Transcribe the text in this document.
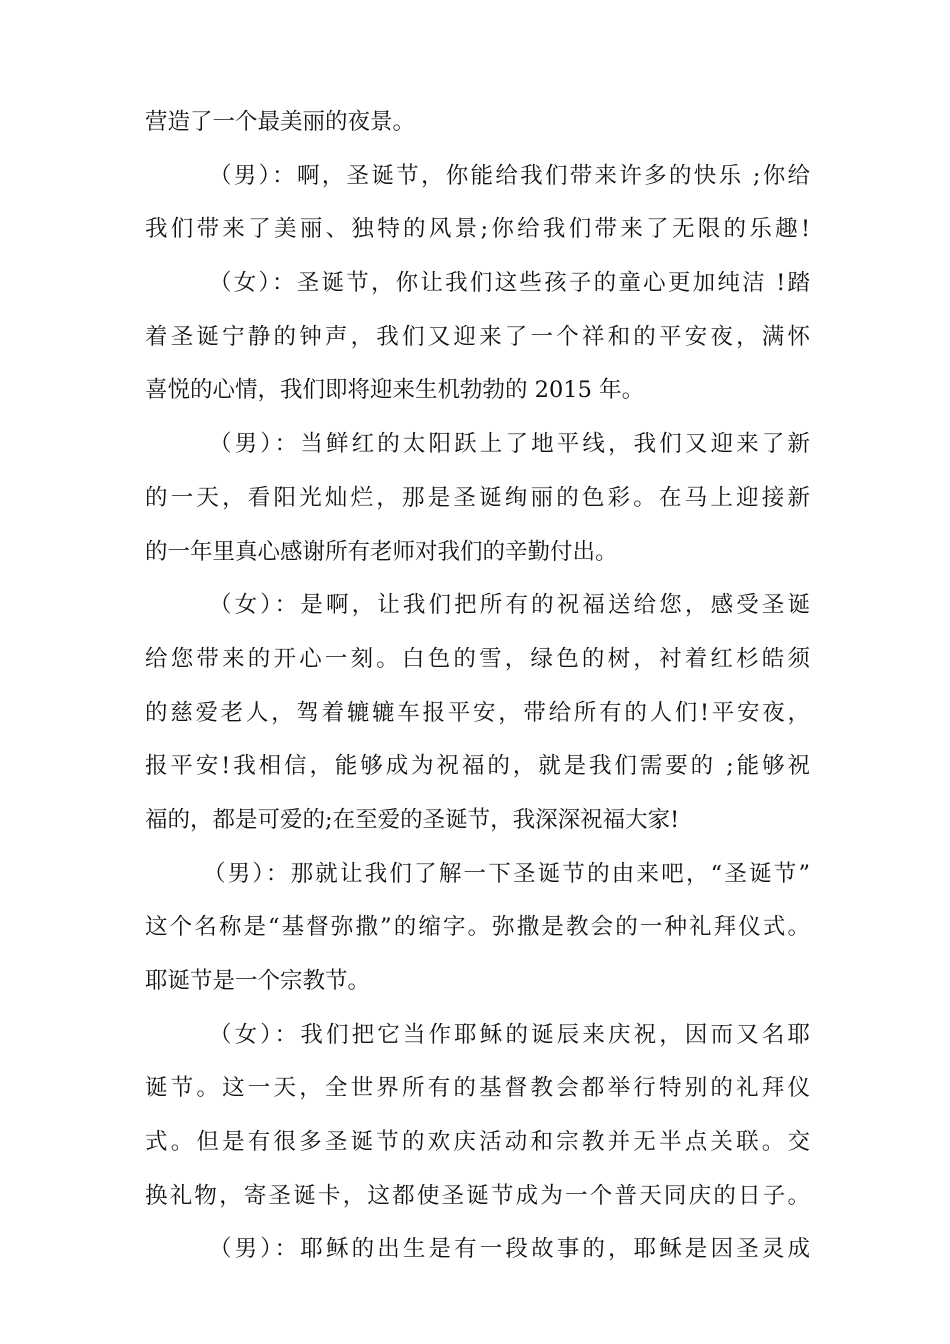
营造了一个最美丽的夜景。
（男）：啊，圣诞节，你能给我们带来许多的快乐 ;你给
我们带来了美丽、独特的风景;你给我们带来了无限的乐趣!
（女）：圣诞节，你让我们这些孩子的童心更加纯洁 !踏
着圣诞宁静的钟声，我们又迎来了一个祥和的平安夜，满怀
喜悦的心情，我们即将迎来生机勃勃的 2015 年。
（男）：当鲜红的太阳跃上了地平线，我们又迎来了新
的一天，看阳光灿烂，那是圣诞绚丽的色彩。在马上迎接新
的一年里真心感谢所有老师对我们的辛勤付出。
（女）：是啊，让我们把所有的祝福送给您，感受圣诞
给您带来的开心一刻。白色的雪，绿色的树，衬着红杉皓须
的慈爱老人，驾着辘辘车报平安，带给所有的人们!平安夜，
报平安!我相信，能够成为祝福的，就是我们需要的 ;能够祝
福的，都是可爱的;在至爱的圣诞节，我深深祝福大家!
（男）：那就让我们了解一下圣诞节的由来吧，“圣诞节”
这个名称是“基督弥撒”的缩字。弥撒是教会的一种礼拜仪式。
耶诞节是一个宗教节。
（女）：我们把它当作耶稣的诞辰来庆祝，因而又名耶
诞节。这一天，全世界所有的基督教会都举行特别的礼拜仪
式。但是有很多圣诞节的欢庆活动和宗教并无半点关联。交
换礼物，寄圣诞卡，这都使圣诞节成为一个普天同庆的日子。
（男）：耶稣的出生是有一段故事的，耶稣是因圣灵成
